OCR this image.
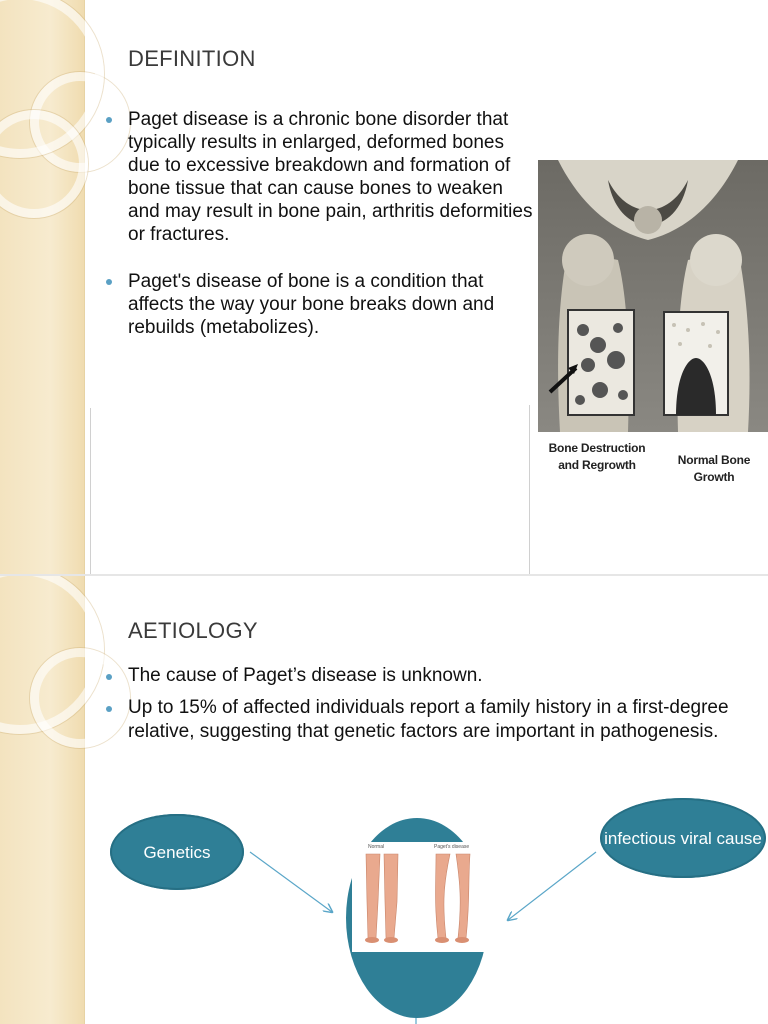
DEFINITION
Bone Destruction and Regrowth	Normal Bone Growth
Paget disease is a chronic bone disorder that typically results in enlarged, deformed bones due to excessive breakdown and formation of bone tissue that can cause bones to weaken and may result in bone pain, arthritis deformities or fractures.
Paget's disease of bone is a condition that affects the way your bone breaks down and rebuilds (metabolizes).
AETIOLOGY
The cause of Paget’s disease is unknown.
Up to 15% of affected individuals report a family history in a first-degree relative, suggesting that genetic factors are important in pathogenesis.
Genetics
infectious viral cause
Normal	Paget's disease
